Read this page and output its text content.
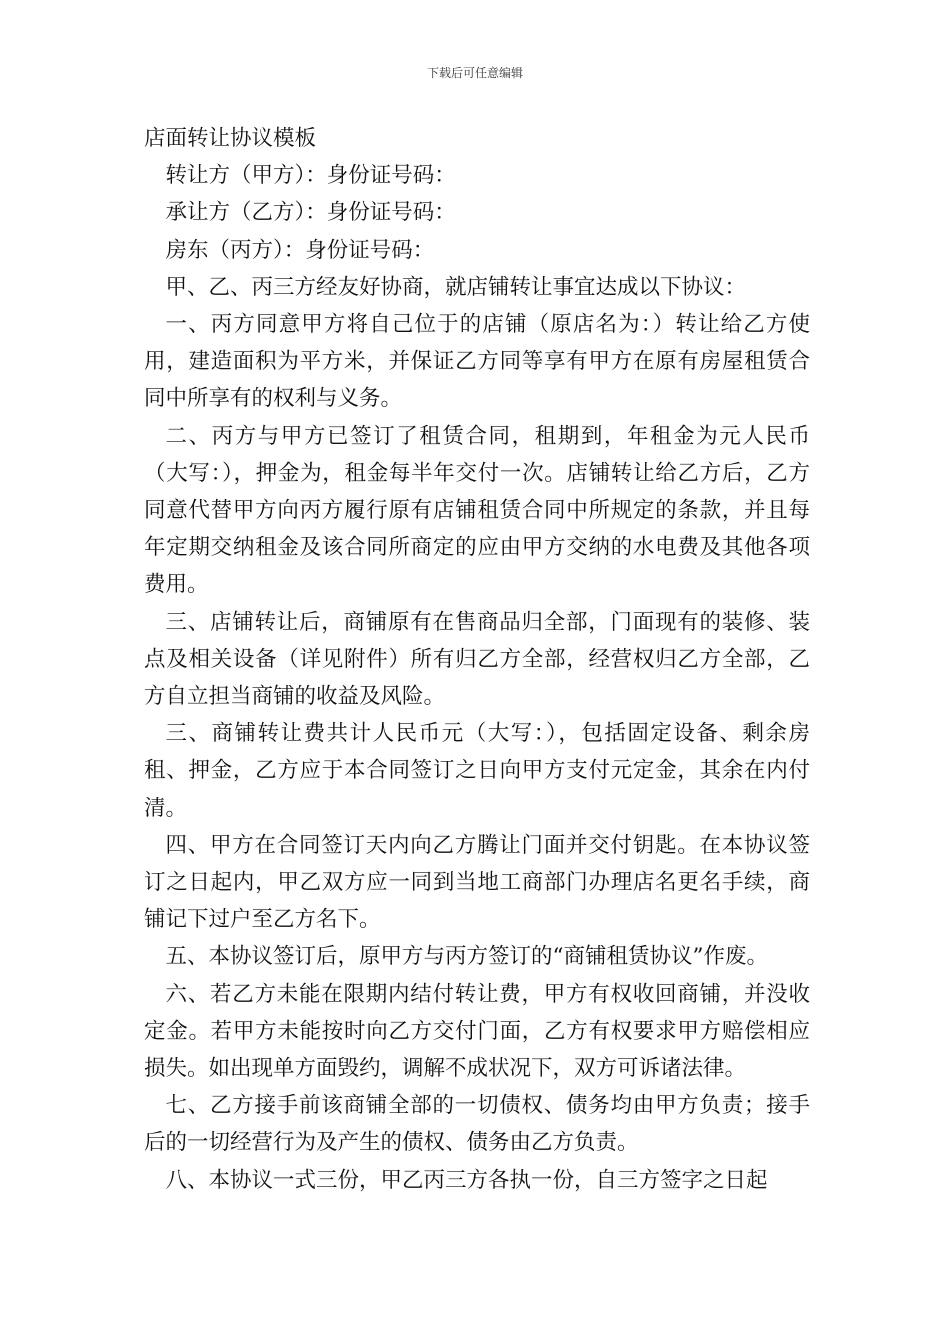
下载后可任意编辑
店面转让协议模板

转让方（甲方）：身份证号码：

承让方（乙方）：身份证号码：

房东（丙方）：身份证号码：

甲、乙、丙三方经友好协商，就店铺转让事宜达成以下协议：

一、丙方同意甲方将自己位于的店铺（原店名为：）转让给乙方使用，建造面积为平方米，并保证乙方同等享有甲方在原有房屋租赁合同中所享有的权利与义务。

二、丙方与甲方已签订了租赁合同，租期到，年租金为元人民币（大写：），押金为，租金每半年交付一次。店铺转让给乙方后，乙方同意代替甲方向丙方履行原有店铺租赁合同中所规定的条款，并且每年定期交纳租金及该合同所商定的应由甲方交纳的水电费及其他各项费用。

三、店铺转让后，商铺原有在售商品归全部，门面现有的装修、装点及相关设备（详见附件）所有归乙方全部，经营权归乙方全部，乙方自立担当商铺的收益及风险。

三、商铺转让费共计人民币元（大写：），包括固定设备、剩余房租、押金，乙方应于本合同签订之日向甲方支付元定金，其余在内付清。

四、甲方在合同签订天内向乙方腾让门面并交付钥匙。在本协议签订之日起内，甲乙双方应一同到当地工商部门办理店名更名手续，商铺记下过户至乙方名下。

五、本协议签订后，原甲方与丙方签订的“商铺租赁协议”作废。

六、若乙方未能在限期内结付转让费，甲方有权收回商铺，并没收定金。若甲方未能按时向乙方交付门面，乙方有权要求甲方赔偿相应损失。如出现单方面毁约，调解不成状况下，双方可诉诸法律。

七、乙方接手前该商铺全部的一切债权、债务均由甲方负责；接手后的一切经营行为及产生的债权、债务由乙方负责。

八、本协议一式三份，甲乙丙三方各执一份，自三方签字之日起
